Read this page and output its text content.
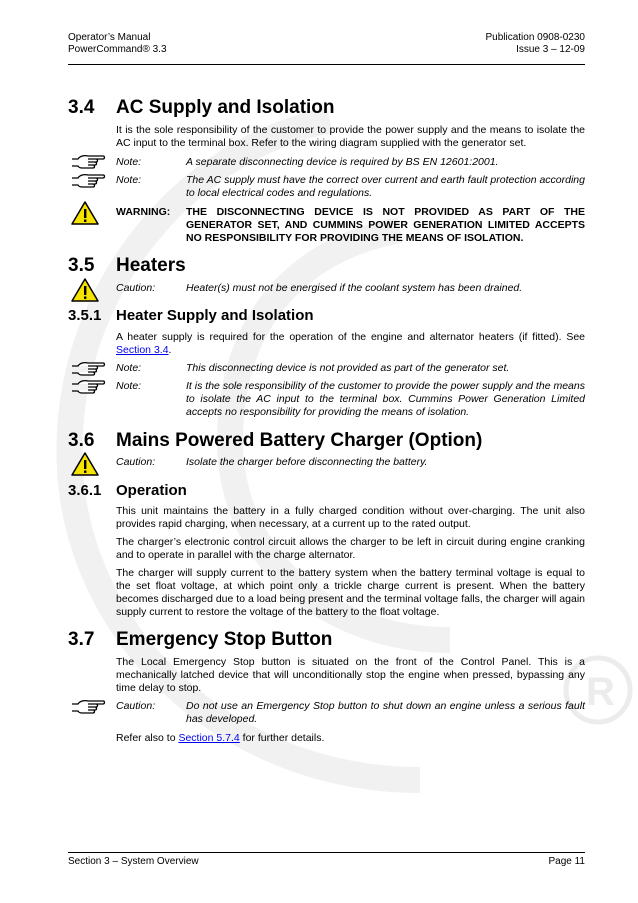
R
Operator’s Manual
PowerCommand® 3.3
Publication 0908-0230
Issue 3 – 12-09
3.4 AC Supply and Isolation
It is the sole responsibility of the customer to provide the power supply and the means to isolate the AC input to the terminal box. Refer to the wiring diagram supplied with the generator set.
Note:	A separate disconnecting device is required by BS EN 12601:2001.
Note:	The AC supply must have the correct over current and earth fault protection according to local electrical codes and regulations.
WARNING: THE DISCONNECTING DEVICE IS NOT PROVIDED AS PART OF THE GENERATOR SET, AND CUMMINS POWER GENERATION LIMITED ACCEPTS NO RESPONSIBILITY FOR PROVIDING THE MEANS OF ISOLATION.
3.5 Heaters
Caution:	Heater(s) must not be energised if the coolant system has been drained.
3.5.1 Heater Supply and Isolation
A heater supply is required for the operation of the engine and alternator heaters (if fitted). See Section 3.4.
Note:	This disconnecting device is not provided as part of the generator set.
Note:	It is the sole responsibility of the customer to provide the power supply and the means to isolate the AC input to the terminal box. Cummins Power Generation Limited accepts no responsibility for providing the means of isolation.
3.6 Mains Powered Battery Charger (Option)
Caution:	Isolate the charger before disconnecting the battery.
3.6.1 Operation
This unit maintains the battery in a fully charged condition without over-charging. The unit also provides rapid charging, when necessary, at a current up to the rated output.
The charger’s electronic control circuit allows the charger to be left in circuit during engine cranking and to operate in parallel with the charge alternator.
The charger will supply current to the battery system when the battery terminal voltage is equal to the set float voltage, at which point only a trickle charge current is present. When the battery becomes discharged due to a load being present and the terminal voltage falls, the charger will again supply current to restore the voltage of the battery to the float voltage.
3.7 Emergency Stop Button
The Local Emergency Stop button is situated on the front of the Control Panel. This is a mechanically latched device that will unconditionally stop the engine when pressed, bypassing any time delay to stop.
Caution:	Do not use an Emergency Stop button to shut down an engine unless a serious fault has developed.
Refer also to Section 5.7.4 for further details.
Section 3 – System Overview	Page 11
